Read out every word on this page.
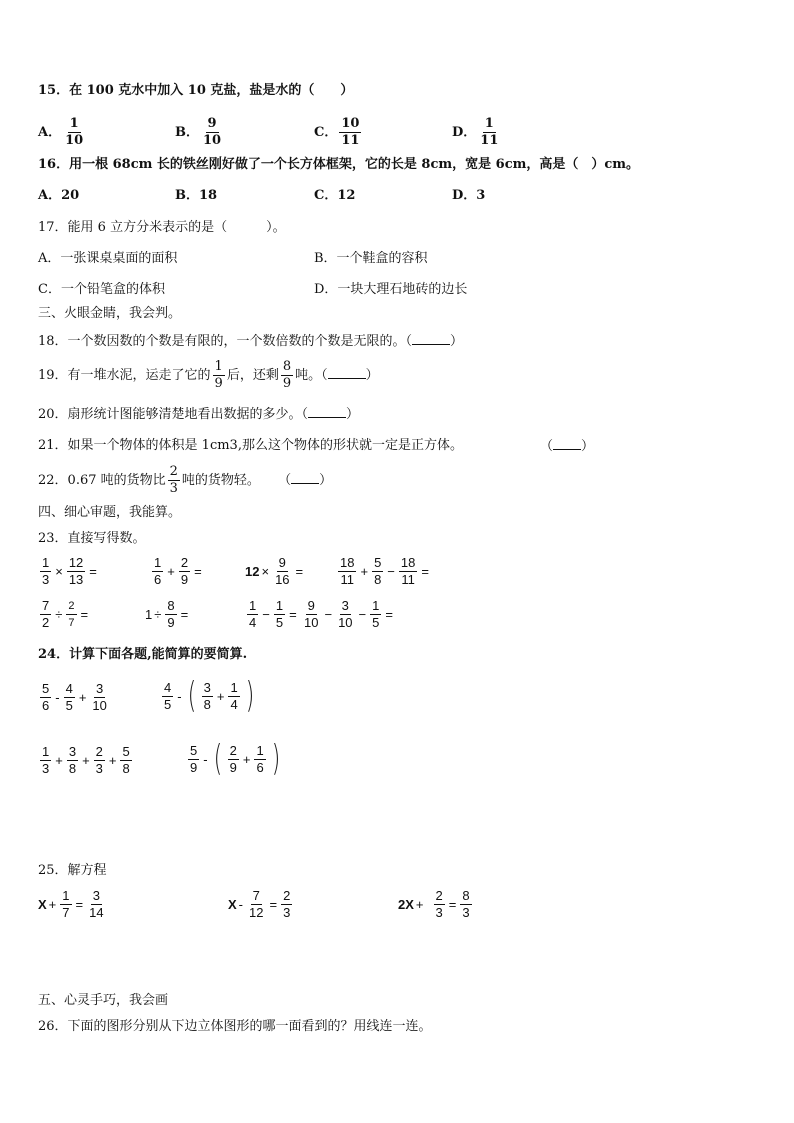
15．在 100 克水中加入 10 克盐，盐是水的（　　）
A． $\frac{1}{10}$	B． $\frac{9}{10}$	C． $\frac{10}{11}$	D． $\frac{1}{11}$
16．用一根 68cm 长的铁丝刚好做了一个长方体框架，它的长是 8cm，宽是 6cm，高是（　）cm。
A．20	B．18	C．12	D．3
17．能用 6 立方分米表示的是（　　　）。
A．一张课桌桌面的面积	B．一个鞋盒的容积
C．一个铅笔盒的体积	D．一块大理石地砖的边长
三、火眼金睛，我会判。
18．一个数因数的个数是有限的，一个数倍数的个数是无限的。（	）
19．有一堆水泥，运走了它的 $\frac{1}{9}$ 后，还剩 $\frac{8}{9}$ 吨。（	）
20．扇形统计图能够清楚地看出数据的多少。（	）
21．如果一个物体的体积是 1cm3,那么这个物体的形状就一定是正方体。	（ ）
22．0.67 吨的货物比 $\frac{2}{3}$ 吨的货物轻。 （ ）
四、细心审题，我能算。
23．直接写得数。
$\frac{1}{3} \times \frac{12}{13}$ =	$\frac{1}{6} + \frac{2}{9}$ =	$12 \times \frac{9}{16}$ =	$\frac{18}{11} + \frac{5}{8} - \frac{18}{11}$ =
$\frac{7}{2} \div \frac{2}{7}$ =	$1 \div \frac{8}{9}$ =	$\frac{1}{4} - \frac{1}{5} = \frac{9}{10} - \frac{3}{10} - \frac{1}{5}$ =
24．计算下面各题,能简算的要简算.
$\frac{5}{6} - \frac{4}{5} + \frac{3}{10}$	$\frac{4}{5}$ - ( $\frac{3}{8} + \frac{1}{4}$ )
$\frac{1}{3} + \frac{3}{8} + \frac{2}{3} + \frac{5}{8}$	$\frac{5}{9}$ - ( $\frac{2}{9} + \frac{1}{6}$ )
25．解方程
$X + \frac{1}{7} = \frac{3}{14}$	$X - \frac{7}{12} = \frac{2}{3}$	$2X + \frac{2}{3} = \frac{8}{3}$
五、心灵手巧，我会画
26．下面的图形分别从下边立体图形的哪一面看到的？用线连一连。
